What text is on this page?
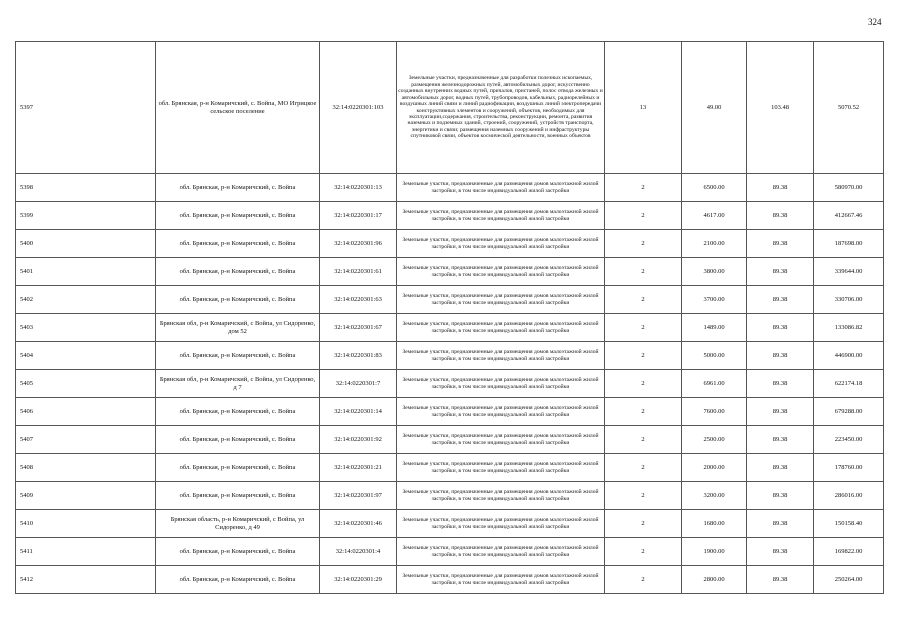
324
5397	обл. Брянская, р-н Комаричский, с. Войпа, МО Игрицкое сельское поселение	32:14:0220301:103	Земельные участки, предназначенные для разработки полезных ископаемых, размещения железнодорожных путей, автомобильных дорог, искусственно созданных внутренних водных путей, причалов, пристаней, полос отвода железных и автомобильных дорог, водных путей, трубопроводов, кабельных, радиорелейных и воздушных линий связи и линий радиофикации, воздушных линий электропередачи конструктивных элементов и сооружений, объектов, необходимых для эксплуатации,содержания, строительства, реконструкции, ремонта, развития наземных и подземных зданий, строений, сооружений, устройств транспорта, энергетики и связи; размещения наземных сооружений и инфраструктуры спутниковой связи, объектов космической деятельности, военных объектов	13	49.00	103.48	5070.52
5398	обл. Брянская, р-н Комаричский, с. Войпа	32:14:0220301:13	Земельные участки, предназначенные для размещения домов малоэтажной жилой застройки, в том числе индивидуальной жилой застройки	2	6500.00	89.38	580970.00
5399	обл. Брянская, р-н Комаричский, с. Войпа	32:14:0220301:17	Земельные участки, предназначенные для размещения домов малоэтажной жилой застройки, в том числе индивидуальной жилой застройки	2	4617.00	89.38	412667.46
5400	обл. Брянская, р-н Комаричский, с. Войпа	32:14:0220301:96	Земельные участки, предназначенные для размещения домов малоэтажной жилой застройки, в том числе индивидуальной жилой застройки	2	2100.00	89.38	187698.00
5401	обл. Брянская, р-н Комаричский, с. Войпа	32:14:0220301:61	Земельные участки, предназначенные для размещения домов малоэтажной жилой застройки, в том числе индивидуальной жилой застройки	2	3800.00	89.38	339644.00
5402	обл. Брянская, р-н Комаричский, с. Войпа	32:14:0220301:63	Земельные участки, предназначенные для размещения домов малоэтажной жилой застройки, в том числе индивидуальной жилой застройки	2	3700.00	89.38	330706.00
5403	Брянская обл, р-н Комаричский, с Войпа, ул Сидоренко, дом 52	32:14:0220301:67	Земельные участки, предназначенные для размещения домов малоэтажной жилой застройки, в том числе индивидуальной жилой застройки	2	1489.00	89.38	133086.82
5404	обл. Брянская, р-н Комаричский, с. Войпа	32:14:0220301:83	Земельные участки, предназначенные для размещения домов малоэтажной жилой застройки, в том числе индивидуальной жилой застройки	2	5000.00	89.38	446900.00
5405	Брянская обл, р-н Комаричский, с Войпа, ул Сидоренко, д 7	32:14:0220301:7	Земельные участки, предназначенные для размещения домов малоэтажной жилой застройки, в том числе индивидуальной жилой застройки	2	6961.00	89.38	622174.18
5406	обл. Брянская, р-н Комаричский, с. Войпа	32:14:0220301:14	Земельные участки, предназначенные для размещения домов малоэтажной жилой застройки, в том числе индивидуальной жилой застройки	2	7600.00	89.38	679288.00
5407	обл. Брянская, р-н Комаричский, с. Войпа	32:14:0220301:92	Земельные участки, предназначенные для размещения домов малоэтажной жилой застройки, в том числе индивидуальной жилой застройки	2	2500.00	89.38	223450.00
5408	обл. Брянская, р-н Комаричский, с. Войпа	32:14:0220301:21	Земельные участки, предназначенные для размещения домов малоэтажной жилой застройки, в том числе индивидуальной жилой застройки	2	2000.00	89.38	178760.00
5409	обл. Брянская, р-н Комаричский, с. Войпа	32:14:0220301:97	Земельные участки, предназначенные для размещения домов малоэтажной жилой застройки, в том числе индивидуальной жилой застройки	2	3200.00	89.38	286016.00
5410	Брянская область, р-н Комаричский, с Войпа, ул Сидоренко, д 49	32:14:0220301:46	Земельные участки, предназначенные для размещения домов малоэтажной жилой застройки, в том числе индивидуальной жилой застройки	2	1680.00	89.38	150158.40
5411	обл. Брянская, р-н Комаричский, с. Войпа	32:14:0220301:4	Земельные участки, предназначенные для размещения домов малоэтажной жилой застройки, в том числе индивидуальной жилой застройки	2	1900.00	89.38	169822.00
5412	обл. Брянская, р-н Комаричский, с. Войпа	32:14:0220301:29	Земельные участки, предназначенные для размещения домов малоэтажной жилой застройки, в том числе индивидуальной жилой застройки	2	2800.00	89.38	250264.00
